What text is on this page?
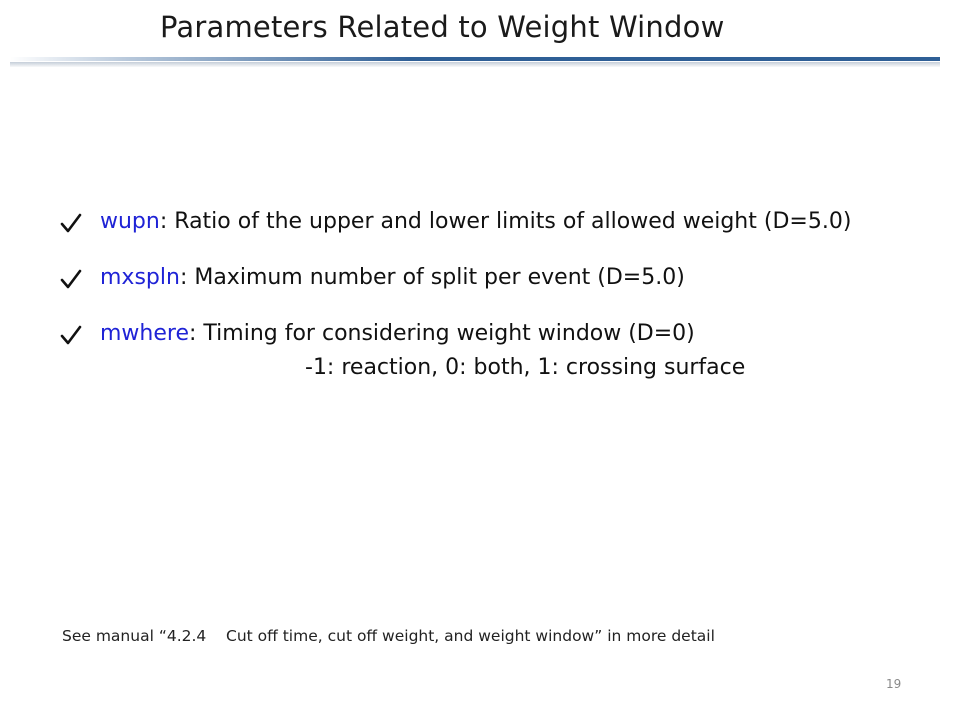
Parameters Related to Weight Window
wupn: Ratio of the upper and lower limits of allowed weight (D=5.0)
mxspln: Maximum number of split per event (D=5.0)
mwhere: Timing for considering weight window (D=0)
-1: reaction, 0: both, 1: crossing surface
See manual “4.2.4    Cut off time, cut off weight, and weight window” in more detail
19
